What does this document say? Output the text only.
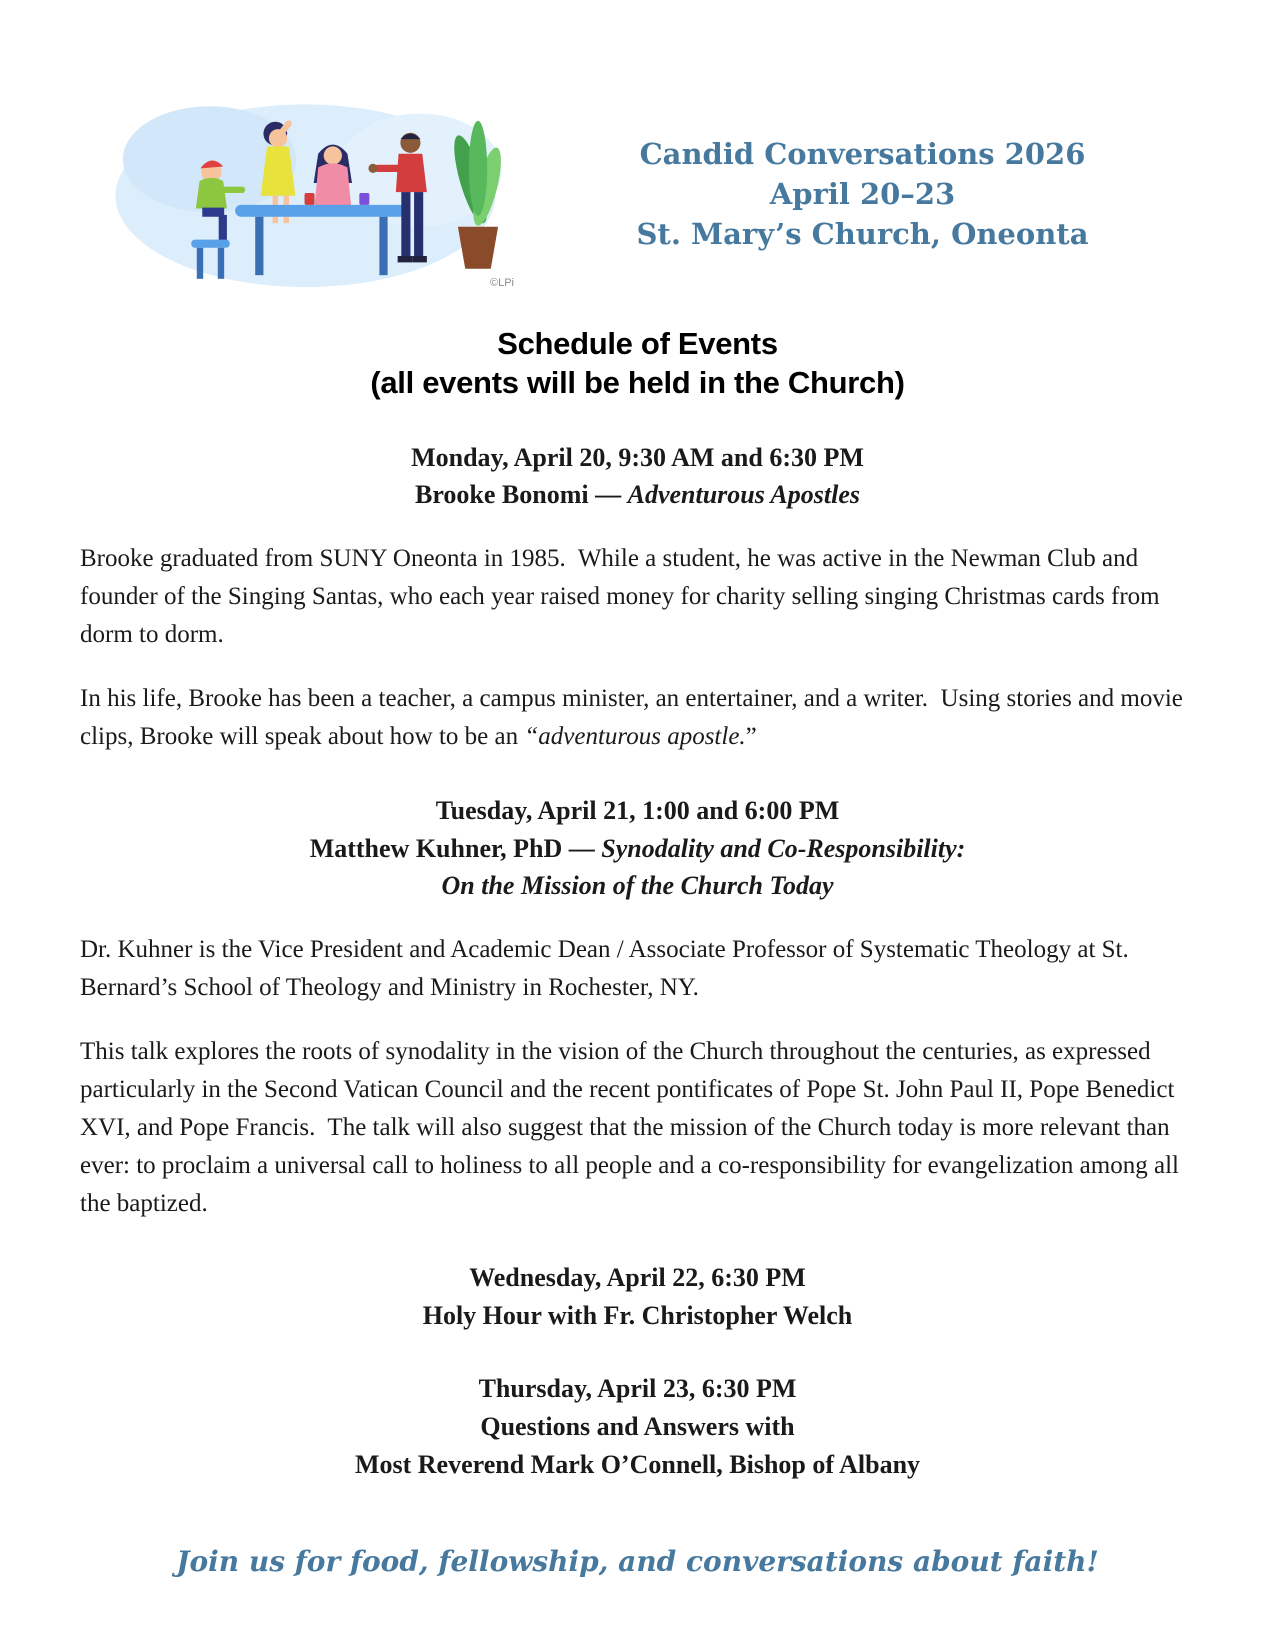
©LPi
Candid Conversations 2026
April 20–23
St. Mary’s Church, Oneonta
Schedule of Events
(all events will be held in the Church)
Monday, April 20, 9:30 AM and 6:30 PM
Brooke Bonomi — Adventurous Apostles

Brooke graduated from SUNY Oneonta in 1985.  While a student, he was active in the Newman Club and founder of the Singing Santas, who each year raised money for charity selling singing Christmas cards from dorm to dorm.

In his life, Brooke has been a teacher, a campus minister, an entertainer, and a writer.  Using stories and movie clips, Brooke will speak about how to be an “adventurous apostle.”

Tuesday, April 21, 1:00 and 6:00 PM
Matthew Kuhner, PhD — Synodality and Co-Responsibility:
On the Mission of the Church Today

Dr. Kuhner is the Vice President and Academic Dean / Associate Professor of Systematic Theology at St. Bernard’s School of Theology and Ministry in Rochester, NY.

This talk explores the roots of synodality in the vision of the Church throughout the centuries, as expressed particularly in the Second Vatican Council and the recent pontificates of Pope St. John Paul II, Pope Benedict XVI, and Pope Francis.  The talk will also suggest that the mission of the Church today is more relevant than ever: to proclaim a universal call to holiness to all people and a co-responsibility for evangelization among all the baptized.

Wednesday, April 22, 6:30 PM
Holy Hour with Fr. Christopher Welch
Thursday, April 23, 6:30 PM
Questions and Answers with
Most Reverend Mark O’Connell, Bishop of Albany
Join us for food, fellowship, and conversations about faith!
